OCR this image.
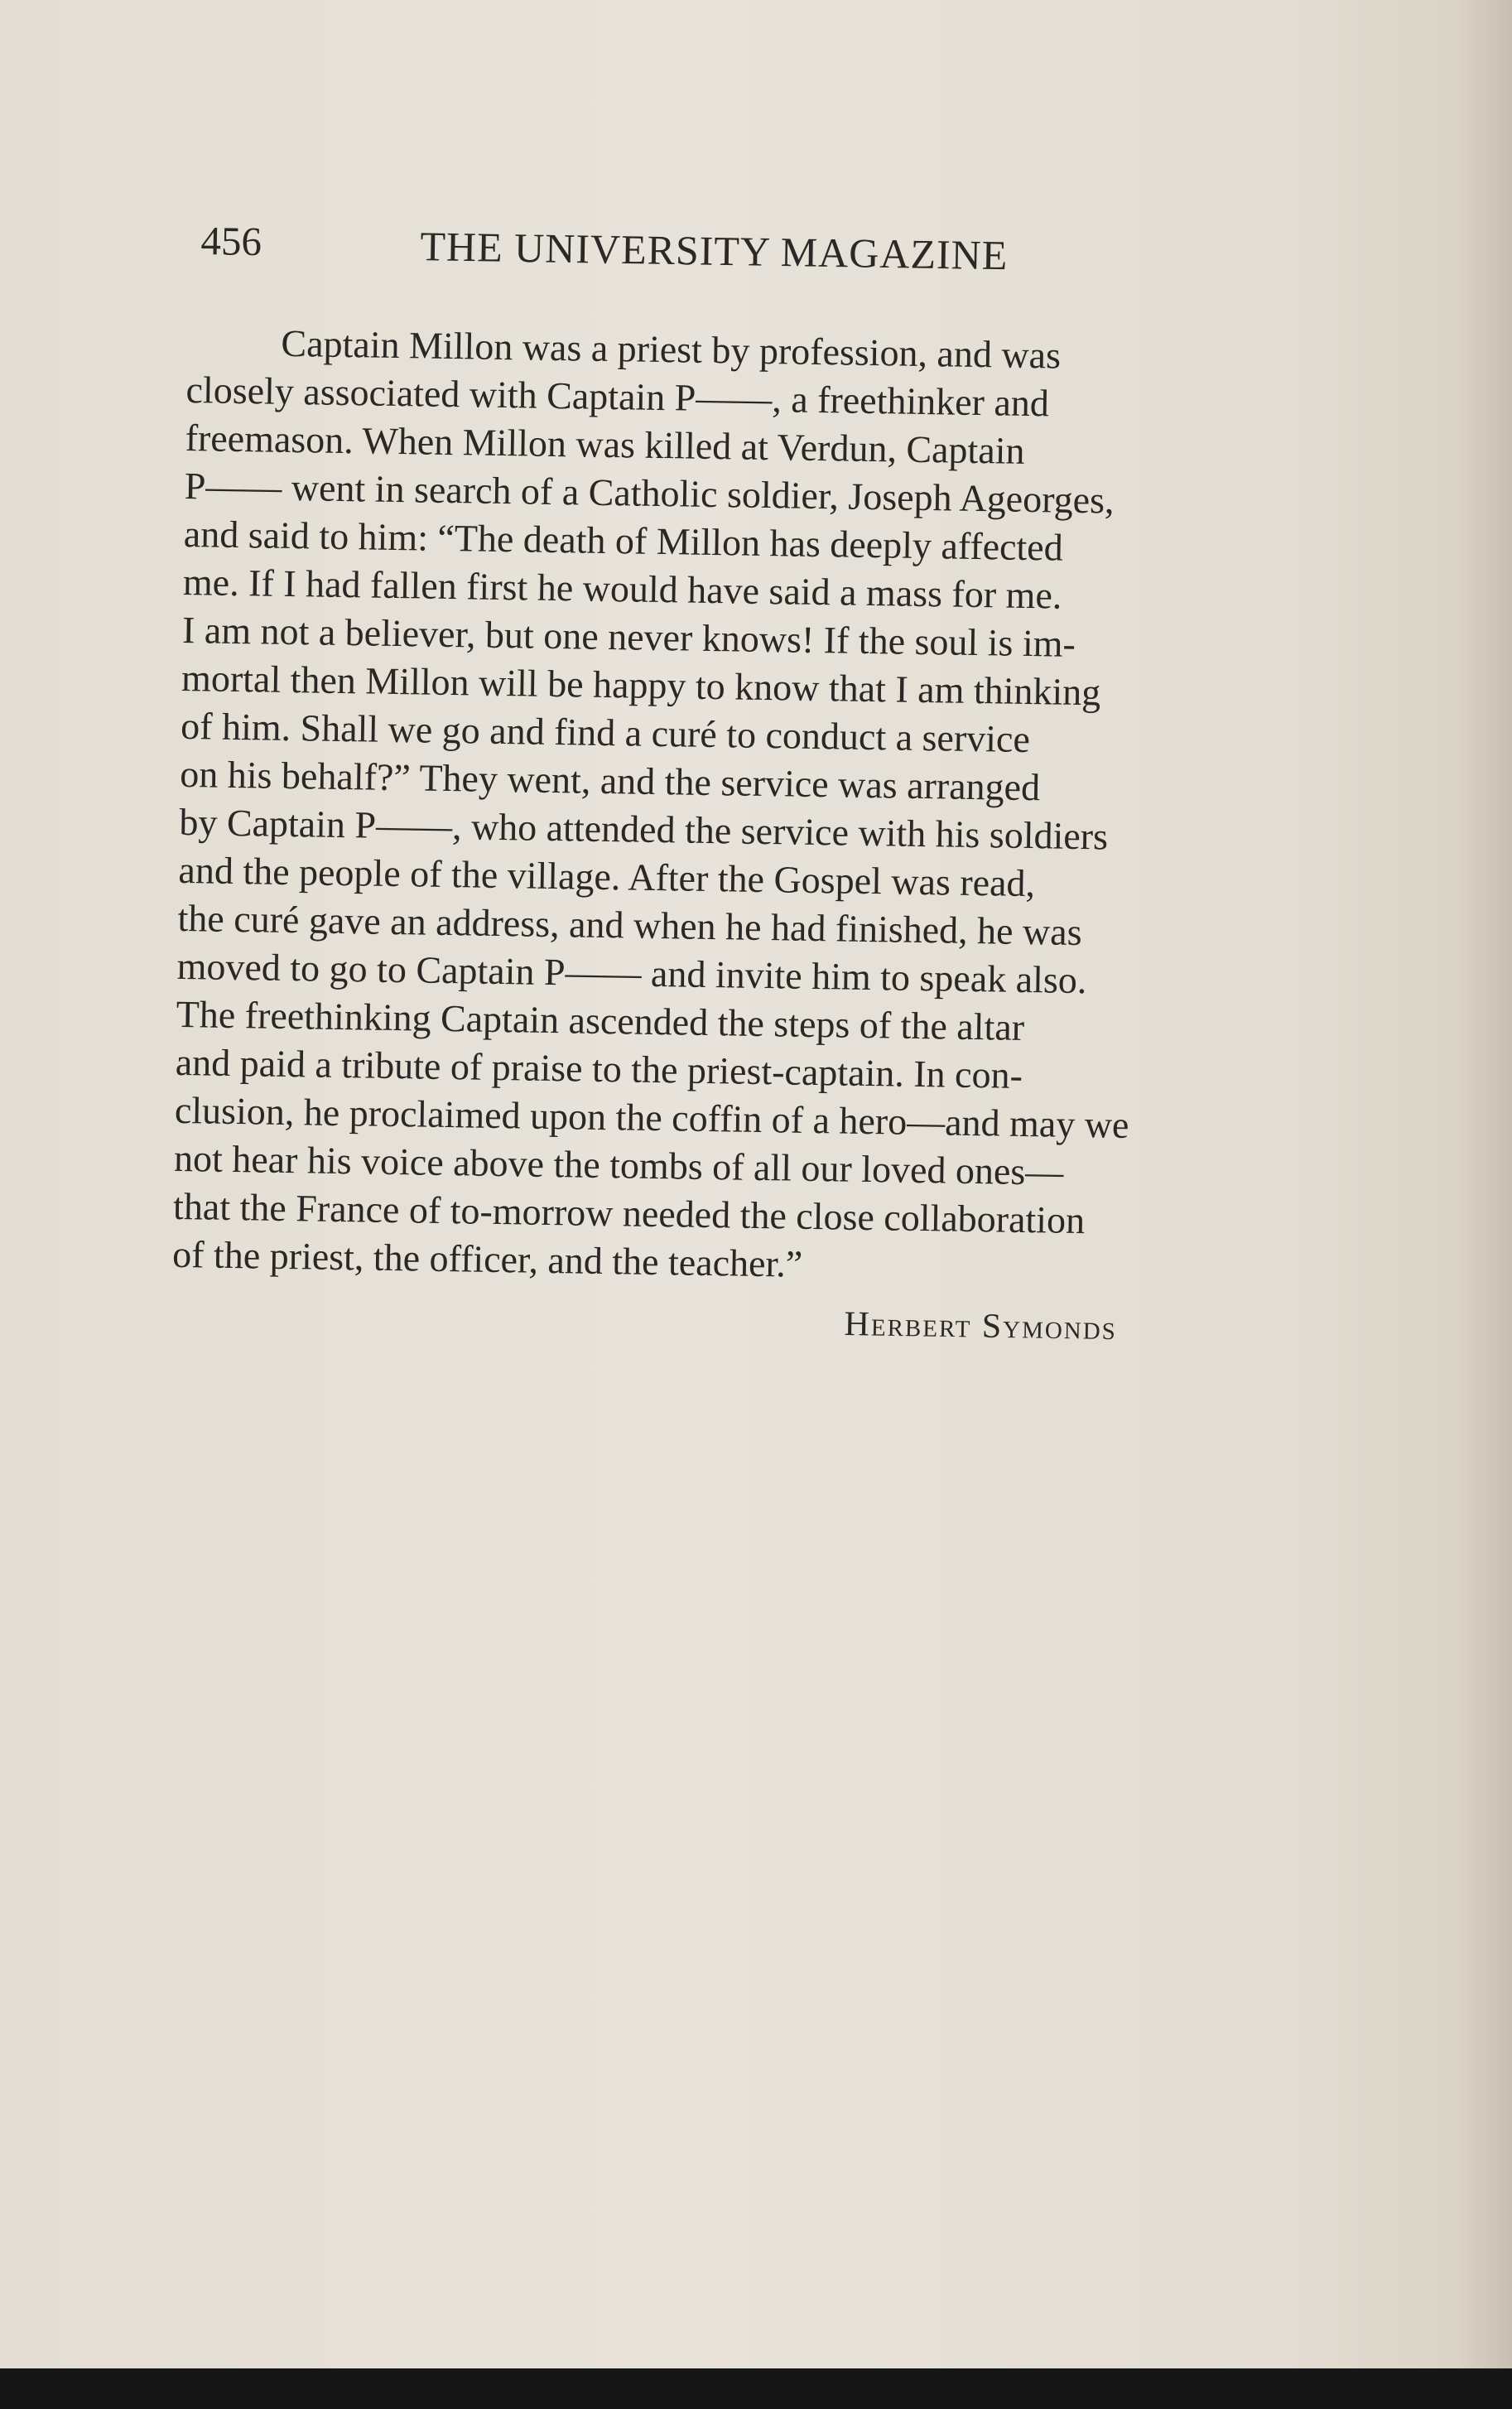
456	THE UNIVERSITY MAGAZINE
Captain Millon was a priest by profession, and was
closely associated with Captain P——, a freethinker and
freemason. When Millon was killed at Verdun, Captain
P—— went in search of a Catholic soldier, Joseph Ageorges,
and said to him: “The death of Millon has deeply affected
me. If I had fallen first he would have said a mass for me.
I am not a believer, but one never knows! If the soul is im-
mortal then Millon will be happy to know that I am thinking
of him. Shall we go and find a curé to conduct a service
on his behalf?” They went, and the service was arranged
by Captain P——, who attended the service with his soldiers
and the people of the village. After the Gospel was read,
the curé gave an address, and when he had finished, he was
moved to go to Captain P—— and invite him to speak also.
The freethinking Captain ascended the steps of the altar
and paid a tribute of praise to the priest-captain. In con-
clusion, he proclaimed upon the coffin of a hero—and may we
not hear his voice above the tombs of all our loved ones—
that the France of to-morrow needed the close collaboration
of the priest, the officer, and the teacher.”
Herbert Symonds
